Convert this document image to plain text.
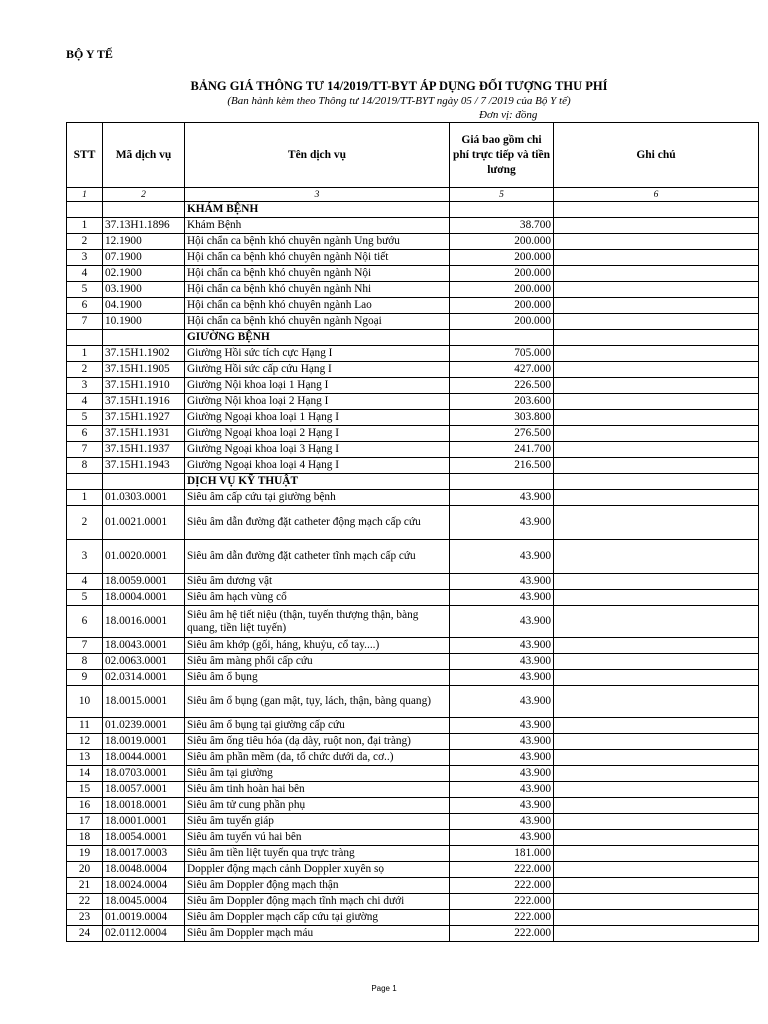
BỘ Y TẾ
BẢNG GIÁ THÔNG TƯ 14/2019/TT-BYT ÁP DỤNG ĐỐI TƯỢNG THU PHÍ
(Ban hành kèm theo Thông tư 14/2019/TT-BYT ngày 05 / 7 /2019 của Bộ Y tế)
Đơn vị: đồng
STT	Mã dịch vụ	Tên dịch vụ	Giá bao gồm chi phí trực tiếp và tiền lương	Ghi chú
1	2	3	5	6
		KHÁM BỆNH		
1	37.13H1.1896	Khám Bệnh	38.700	
2	12.1900	Hội chẩn ca bệnh khó chuyên ngành Ung bướu	200.000	
3	07.1900	Hội chẩn ca bệnh khó chuyên ngành Nội tiết	200.000	
4	02.1900	Hội chẩn ca bệnh khó chuyên ngành Nội	200.000	
5	03.1900	Hội chẩn ca bệnh khó chuyên ngành Nhi	200.000	
6	04.1900	Hội chẩn ca bệnh khó chuyên ngành Lao	200.000	
7	10.1900	Hội chẩn ca bệnh khó chuyên ngành Ngoại	200.000	
		GIƯỜNG BỆNH		
1	37.15H1.1902	Giường Hồi sức tích cực Hạng I	705.000	
2	37.15H1.1905	Giường Hồi sức cấp cứu Hạng I	427.000	
3	37.15H1.1910	Giường Nội khoa loại 1 Hạng I	226.500	
4	37.15H1.1916	Giường Nội khoa loại 2 Hạng I	203.600	
5	37.15H1.1927	Giường Ngoại khoa loại 1 Hạng I	303.800	
6	37.15H1.1931	Giường Ngoại khoa loại 2 Hạng I	276.500	
7	37.15H1.1937	Giường Ngoại khoa loại 3 Hạng I	241.700	
8	37.15H1.1943	Giường Ngoại khoa loại 4 Hạng I	216.500	
		DỊCH VỤ KỸ THUẬT		
1	01.0303.0001	Siêu âm cấp cứu tại giường bệnh	43.900	
2	01.0021.0001	Siêu âm dẫn đường đặt catheter động mạch cấp cứu	43.900	
3	01.0020.0001	Siêu âm dẫn đường đặt catheter tĩnh mạch cấp cứu	43.900	
4	18.0059.0001	Siêu âm dương vật	43.900	
5	18.0004.0001	Siêu âm hạch vùng cổ	43.900	
6	18.0016.0001	Siêu âm hệ tiết niệu (thận, tuyến thượng thận, bàng quang, tiền liệt tuyến)	43.900	
7	18.0043.0001	Siêu âm khớp (gối, háng, khuỷu, cổ tay....)	43.900	
8	02.0063.0001	Siêu âm màng phổi cấp cứu	43.900	
9	02.0314.0001	Siêu âm ổ bụng	43.900	
10	18.0015.0001	Siêu âm ổ bụng (gan mật, tụy, lách, thận, bàng quang)	43.900	
11	01.0239.0001	Siêu âm ổ bụng tại giường cấp cứu	43.900	
12	18.0019.0001	Siêu âm ống tiêu hóa (dạ dày, ruột non, đại tràng)	43.900	
13	18.0044.0001	Siêu âm phần mềm (da, tổ chức dưới da, cơ..)	43.900	
14	18.0703.0001	Siêu âm tại giường	43.900	
15	18.0057.0001	Siêu âm tinh hoàn hai bên	43.900	
16	18.0018.0001	Siêu âm tử cung phần phụ	43.900	
17	18.0001.0001	Siêu âm tuyến giáp	43.900	
18	18.0054.0001	Siêu âm tuyến vú hai bên	43.900	
19	18.0017.0003	Siêu âm tiền liệt tuyến qua trực tràng	181.000	
20	18.0048.0004	Doppler động mạch cảnh Doppler xuyên sọ	222.000	
21	18.0024.0004	Siêu âm Doppler động mạch thận	222.000	
22	18.0045.0004	Siêu âm Doppler động mạch tĩnh mạch chi dưới	222.000	
23	01.0019.0004	Siêu âm Doppler mạch cấp cứu tại giường	222.000	
24	02.0112.0004	Siêu âm Doppler mạch máu	222.000	
Page 1
